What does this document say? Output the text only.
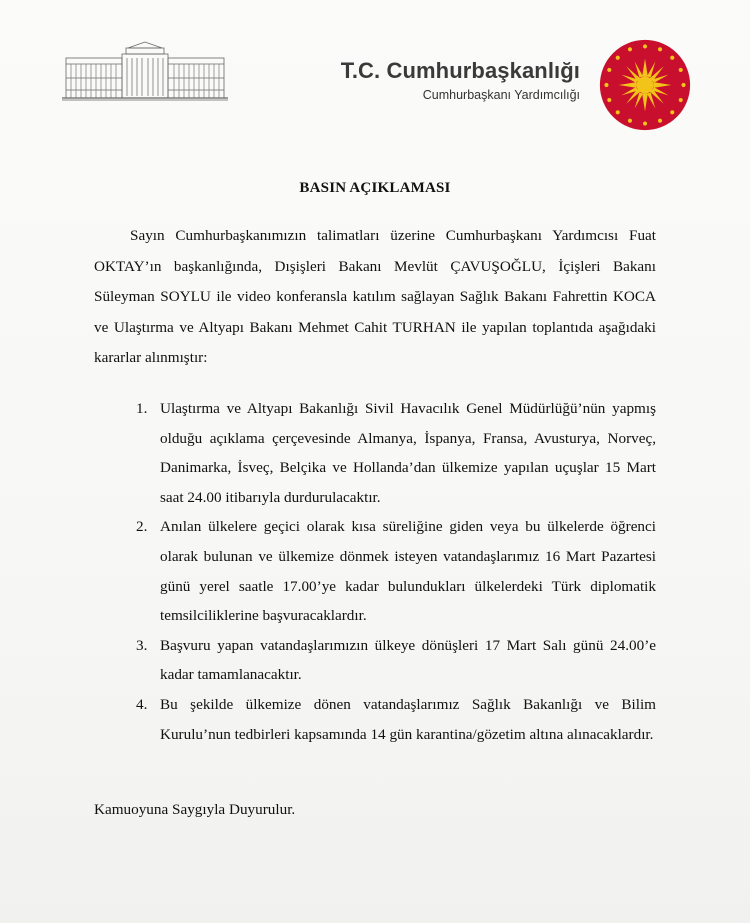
T.C. Cumhurbaşkanlığı
Cumhurbaşkanı Yardımcılığı
BASIN AÇIKLAMASI
Sayın Cumhurbaşkanımızın talimatları üzerine Cumhurbaşkanı Yardımcısı Fuat OKTAY’ın başkanlığında, Dışişleri Bakanı Mevlüt ÇAVUŞOĞLU, İçişleri Bakanı Süleyman SOYLU ile video konferansla katılım sağlayan Sağlık Bakanı Fahrettin KOCA ve Ulaştırma ve Altyapı Bakanı Mehmet Cahit TURHAN ile yapılan toplantıda aşağıdaki kararlar alınmıştır:
1. Ulaştırma ve Altyapı Bakanlığı Sivil Havacılık Genel Müdürlüğü’nün yapmış olduğu açıklama çerçevesinde Almanya, İspanya, Fransa, Avusturya, Norveç, Danimarka, İsveç, Belçika ve Hollanda’dan ülkemize yapılan uçuşlar 15 Mart saat 24.00 itibarıyla durdurulacaktır.
2. Anılan ülkelere geçici olarak kısa süreliğine giden veya bu ülkelerde öğrenci olarak bulunan ve ülkemize dönmek isteyen vatandaşlarımız 16 Mart Pazartesi günü yerel saatle 17.00’ye kadar bulundukları ülkelerdeki Türk diplomatik temsilciliklerine başvuracaklardır.
3. Başvuru yapan vatandaşlarımızın ülkeye dönüşleri 17 Mart Salı günü 24.00’e kadar tamamlanacaktır.
4. Bu şekilde ülkemize dönen vatandaşlarımız Sağlık Bakanlığı ve Bilim Kurulu’nun tedbirleri kapsamında 14 gün karantina/gözetim altına alınacaklardır.
Kamuoyuna Saygıyla Duyurulur.
